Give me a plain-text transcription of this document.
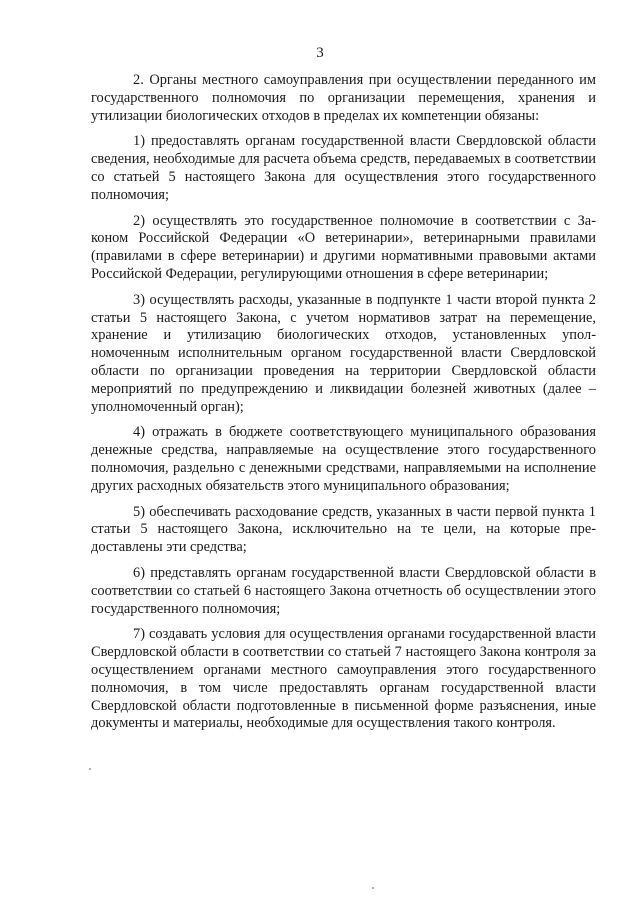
3

2. Органы местного самоуправления при осуществлении переданного им государственного полномочия по организации перемещения, хранения и утилизации биологических отходов в пределах их компетенции обязаны:

1) предоставлять органам государственной власти Свердловской области сведения, необходимые для расчета объема средств, передаваемых в соответствии со статьей 5 настоящего Закона для осуществления этого государственного полномочия;

2) осуществлять это государственное полномочие в соответствии с Законом Российской Федерации «О ветеринарии», ветеринарными правилами (правилами в сфере ветеринарии) и другими нормативными правовыми актами Российской Федерации, регулирующими отношения в сфере ветеринарии;

3) осуществлять расходы, указанные в подпункте 1 части второй пункта 2 статьи 5 настоящего Закона, с учетом нормативов затрат на перемещение, хранение и утилизацию биологических отходов, установленных уполномоченным исполнительным органом государственной власти Свердловской области по организации проведения на территории Свердловской области мероприятий по предупреждению и ликвидации болезней животных (далее – уполномоченный орган);

4) отражать в бюджете соответствующего муниципального образования денежные средства, направляемые на осуществление этого государственного полномочия, раздельно с денежными средствами, направляемыми на исполнение других расходных обязательств этого муниципального образования;

5) обеспечивать расходование средств, указанных в части первой пункта 1 статьи 5 настоящего Закона, исключительно на те цели, на которые предоставлены эти средства;

6) представлять органам государственной власти Свердловской области в соответствии со статьей 6 настоящего Закона отчетность об осуществлении этого государственного полномочия;

7) создавать условия для осуществления органами государственной власти Свердловской области в соответствии со статьей 7 настоящего Закона контроля за осуществлением органами местного самоуправления этого государственного полномочия, в том числе предоставлять органам государственной власти Свердловской области подготовленные в письменной форме разъяснения, иные документы и материалы, необходимые для осуществления такого контроля.
